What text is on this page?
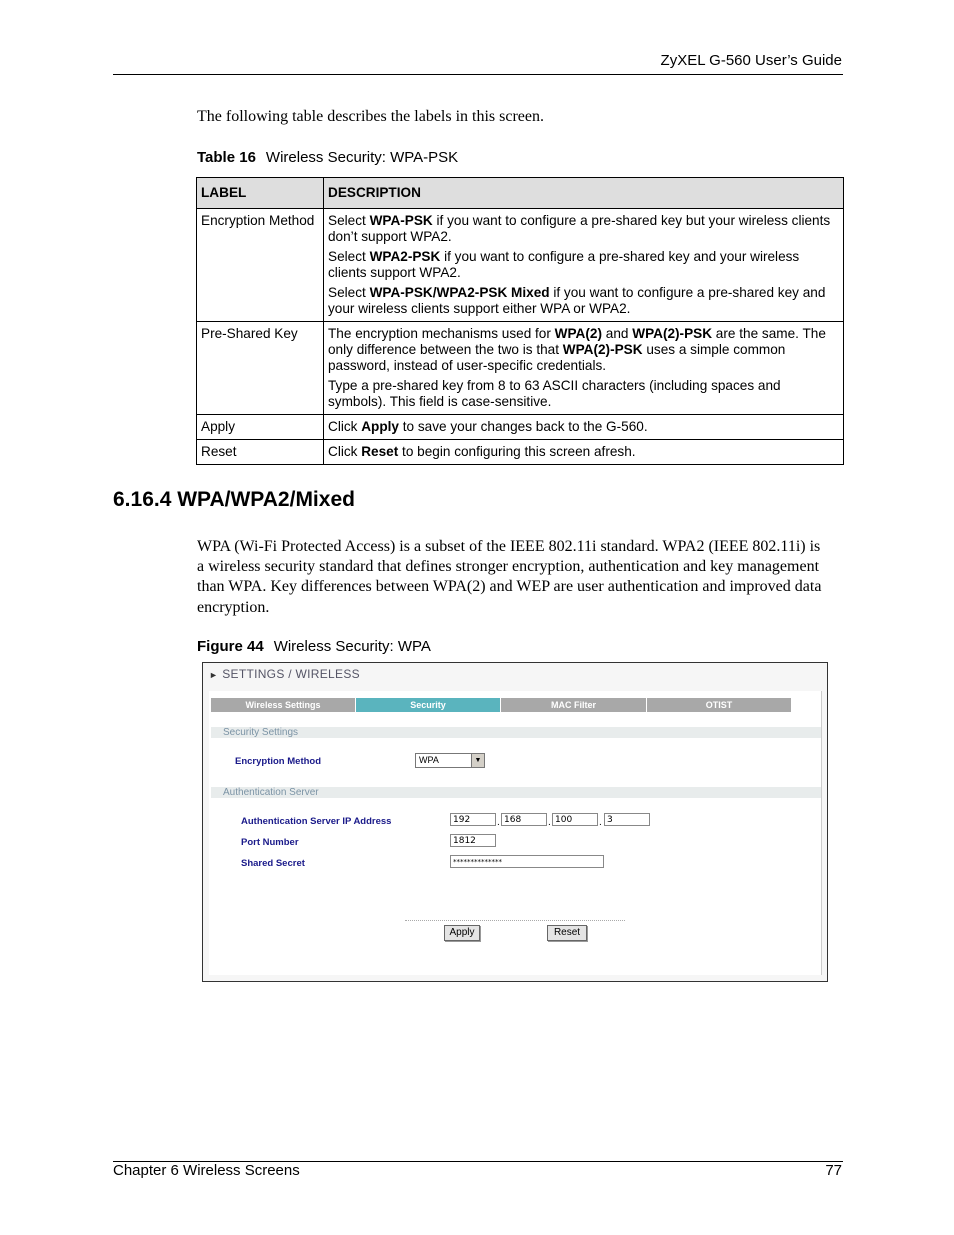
ZyXEL G-560 User’s Guide
The following table describes the labels in this screen.
Table 16 Wireless Security: WPA-PSK
LABEL	DESCRIPTION
Encryption Method	Select WPA-PSK if you want to configure a pre-shared key but your wireless clients don’t support WPA2.

Select WPA2-PSK if you want to configure a pre-shared key and your wireless clients support WPA2.

Select WPA-PSK/WPA2-PSK Mixed if you want to configure a pre-shared key and your wireless clients support either WPA or WPA2.

Pre-Shared Key	The encryption mechanisms used for WPA(2) and WPA(2)-PSK are the same. The only difference between the two is that WPA(2)-PSK uses a simple common password, instead of user-specific credentials.

Type a pre-shared key from 8 to 63 ASCII characters (including spaces and symbols). This field is case-sensitive.

Apply	Click Apply to save your changes back to the G-560.

Reset	Click Reset to begin configuring this screen afresh.

6.16.4 WPA/WPA2/Mixed
WPA (Wi-Fi Protected Access) is a subset of the IEEE 802.11i standard. WPA2 (IEEE 802.11i) is a wireless security standard that defines stronger encryption, authentication and key management than WPA. Key differences between WPA(2) and WEP are user authentication and improved data encryption.
Figure 44 Wireless Security: WPA
► SETTINGS / WIRELESS
Wireless Settings	Security	MAC Filter	OTIST
Security Settings
Encryption Method	WPA	▼
Authentication Server
Authentication Server IP Address	192	. 168	. 100	. 3
Port Number	1812
Shared Secret	**************
Apply	Reset
Chapter 6 Wireless Screens	77
